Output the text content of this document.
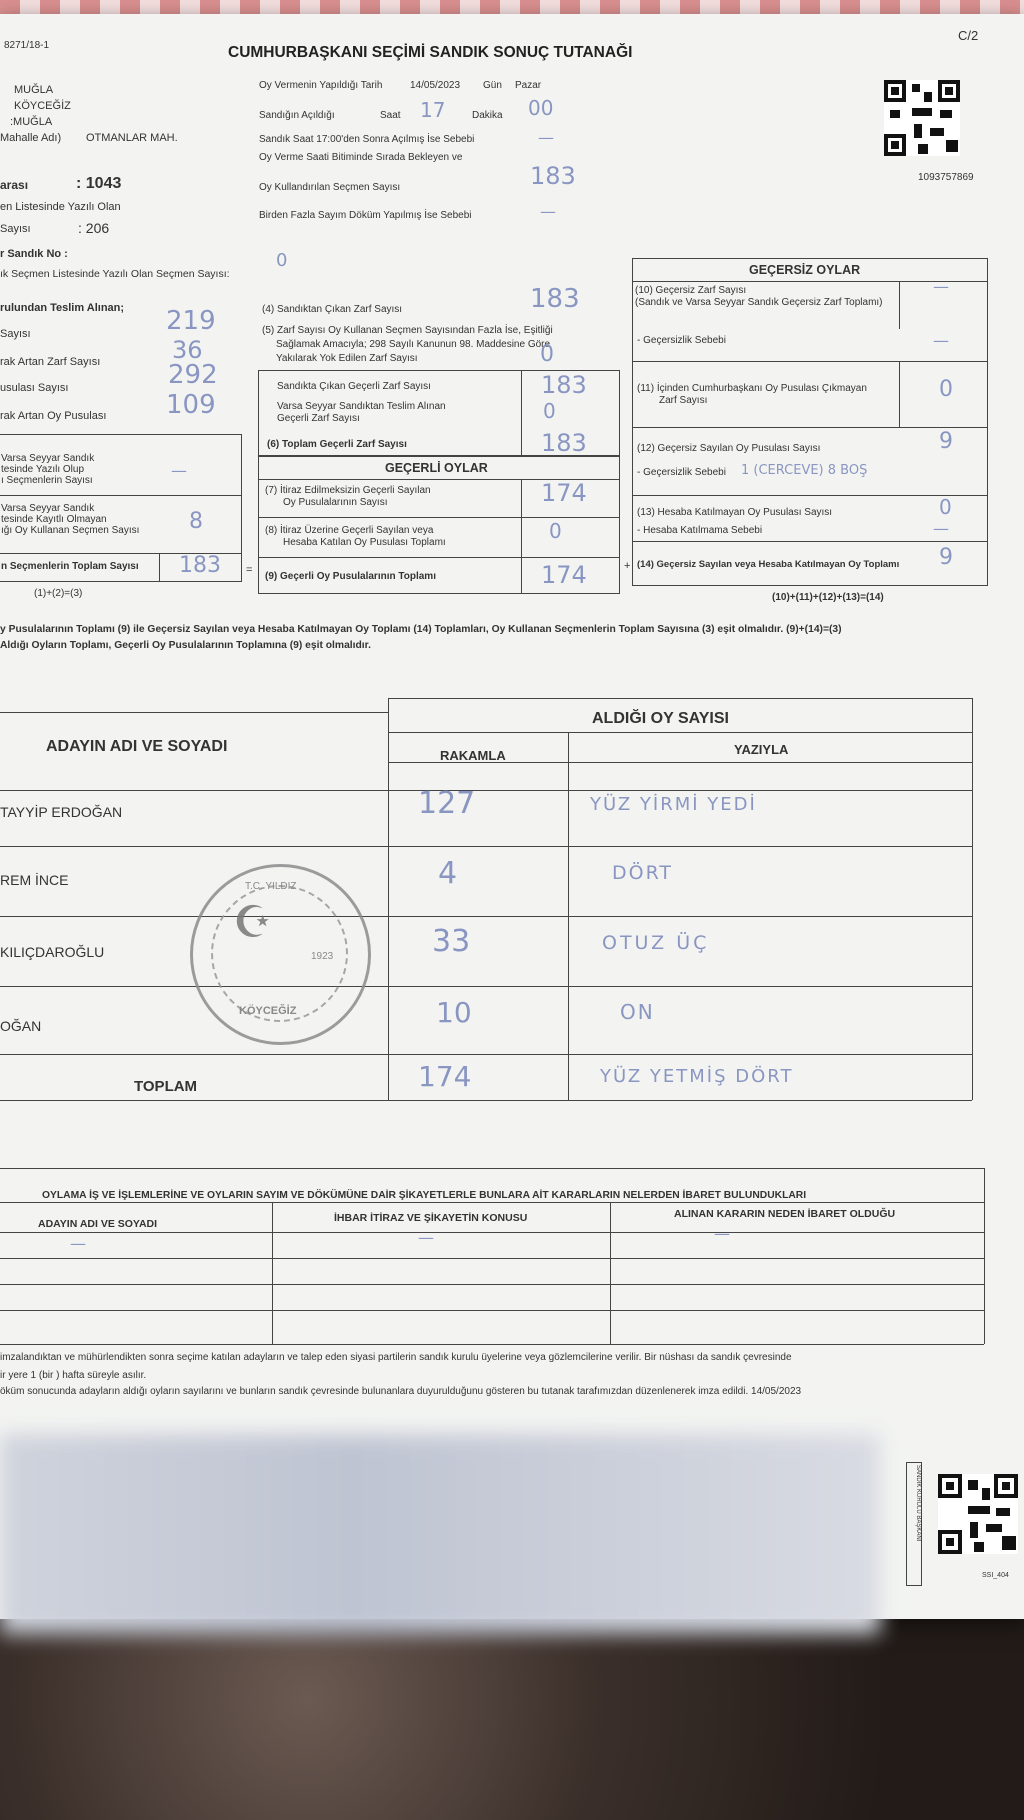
8271/18-1
C/2
CUMHURBAŞKANI SEÇİMİ SANDIK SONUÇ TUTANAĞI
1093757869
MUĞLA
KÖYCEĞİZ
:MUĞLA
Mahalle Adı) OTMANLAR MAH.
arası	: 1043
en Listesinde Yazılı Olan
Sayısı	: 206
r Sandık No :
ık Seçmen Listesinde Yazılı Olan Seçmen Sayısı:
0
Oy Vermenin Yapıldığı Tarih	14/05/2023 Gün Pazar
Sandığın Açıldığı	Saat 17	Dakika 00
Sandık Saat 17:00'den Sonra Açılmış İse Sebebi	—
Oy Verme Saati Bitiminde Sırada Bekleyen ve
Oy Kullandırılan Seçmen Sayısı	183
Birden Fazla Sayım Döküm Yapılmış İse Sebebi	—
rulundan Teslim Alınan;
Sayısı	219
rak Artan Zarf Sayısı	36
usulası Sayısı	292
rak Artan Oy Pusulası 109
Varsa Seyyar Sandık
tesinde Yazılı Olup
ı Seçmenlerin Sayısı
—
Varsa Seyyar Sandık
tesinde Kayıtlı Olmayan
ığı Oy Kullanan Seçmen Sayısı 8
n Seçmenlerin Toplam Sayısı 183
(1)+(2)=(3)
=
(4) Sandıktan Çıkan Zarf Sayısı	183
(5) Zarf Sayısı Oy Kullanan Seçmen Sayısından Fazla İse, Eşitliği
Sağlamak Amacıyla; 298 Sayılı Kanunun 98. Maddesine Göre
Yakılarak Yok Edilen Zarf Sayısı	0
Sandıkta Çıkan Geçerli Zarf Sayısı	183
Varsa Seyyar Sandıktan Teslim Alınan
Geçerli Zarf Sayısı	0
(6) Toplam Geçerli Zarf Sayısı	183
GEÇERLİ OYLAR
(7) İtiraz Edilmeksizin Geçerli Sayılan
Oy Pusulalarının Sayısı	174
(8) İtiraz Üzerine Geçerli Sayılan veya
Hesaba Katılan Oy Pusulası Toplamı	0
(9) Geçerli Oy Pusulalarının Toplamı	174	+
GEÇERSİZ OYLAR
(10) Geçersiz Zarf Sayısı
(Sandık ve Varsa Seyyar Sandık Geçersiz Zarf Toplamı)
—
- Geçersizlik Sebebi	—
(11) İçinden Cumhurbaşkanı Oy Pusulası Çıkmayan
Zarf Sayısı	0
(12) Geçersiz Sayılan Oy Pusulası Sayısı	9
- Geçersizlik Sebebi 1 (CERCEVE) 8 BOŞ
(13) Hesaba Katılmayan Oy Pusulası Sayısı	0
- Hesaba Katılmama Sebebi	—
(14) Geçersiz Sayılan veya Hesaba Katılmayan Oy Toplamı 9
(10)+(11)+(12)+(13)=(14)
y Pusulalarının Toplamı (9) ile Geçersiz Sayılan veya Hesaba Katılmayan Oy Toplamı (14) Toplamları, Oy Kullanan Seçmenlerin Toplam Sayısına (3) eşit olmalıdır. (9)+(14)=(3)
Aldığı Oyların Toplamı, Geçerli Oy Pusulalarının Toplamına (9) eşit olmalıdır.
ADAYIN ADI VE SOYADI
ALDIĞI OY SAYISI
RAKAMLA	YAZIYLA
TAYYİP ERDOĞAN	127	YÜZ YİRMİ YEDİ
REM İNCE	4	DÖRT
KILIÇDAROĞLU	33	OTUZ ÜÇ
OĞAN	10	ON
TOPLAM	174	YÜZ YETMİŞ DÖRT
☪
T.C. YILDIZ
KÖYCEĞİZ
1923
OYLAMA İŞ VE İŞLEMLERİNE VE OYLARIN SAYIM VE DÖKÜMÜNE DAİR ŞİKAYETLERLE BUNLARA AİT KARARLARIN NELERDEN İBARET BULUNDUKLARI
ADAYIN ADI VE SOYADI	İHBAR İTİRAZ VE ŞİKAYETİN KONUSU	ALINAN KARARIN NEDEN İBARET OLDUĞU
—	—	—
imzalandıktan ve mühürlendikten sonra seçime katılan adayların ve talep eden siyasi partilerin sandık kurulu üyelerine veya gözlemcilerine verilir. Bir nüshası da sandık çevresinde
ir yere 1 (bir ) hafta süreyle asılır.
öküm sonucunda adayların aldığı oyların sayılarını ve bunların sandık çevresinde bulunanlara duyurulduğunu gösteren bu tutanak tarafımızdan düzenlenerek imza edildi. 14/05/2023
SANDIK KURULU BAŞKANI
SSI_404
